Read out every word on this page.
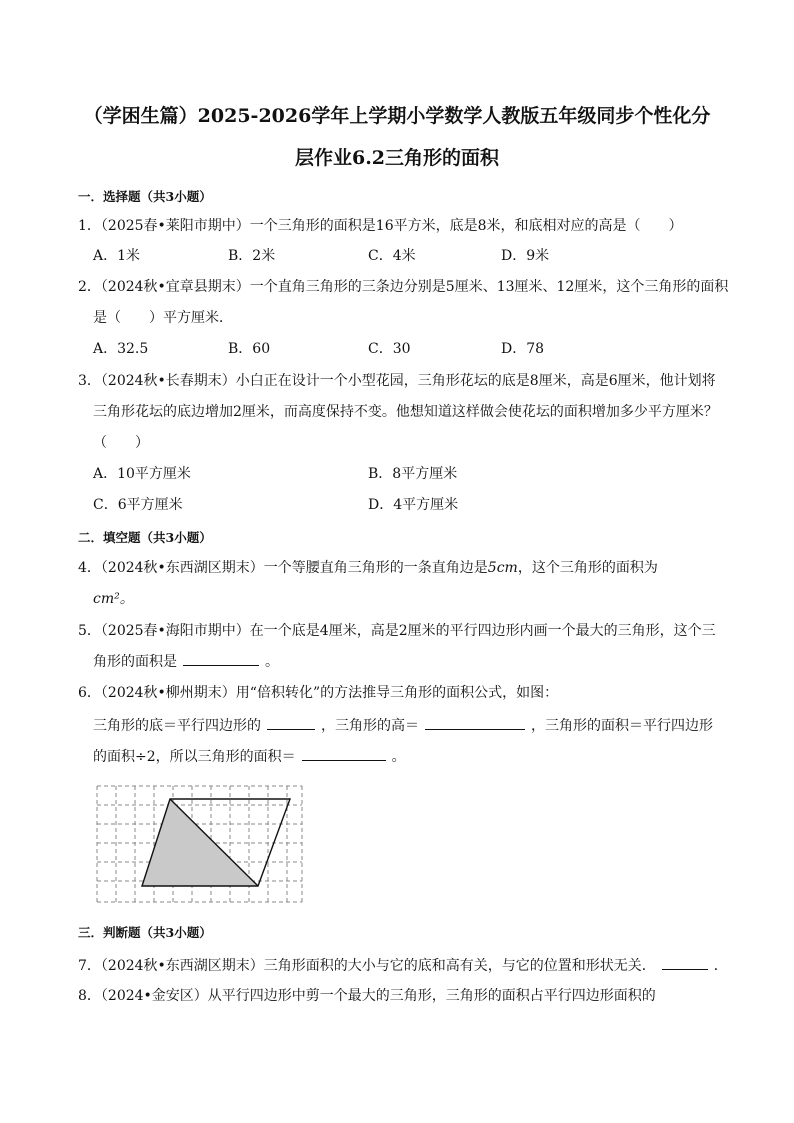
（学困生篇）2025-2026学年上学期小学数学人教版五年级同步个性化分
层作业6.2三角形的面积
一．选择题（共3小题）
1．（2025春•莱阳市期中）一个三角形的面积是16平方米，底是8米，和底相对应的高是（　　）
A．1米	B．2米	C．4米	D．9米
2．（2024秋•宜章县期末）一个直角三角形的三条边分别是5厘米、13厘米、12厘米，这个三角形的面积
是（　　）平方厘米．
A．32.5	B．60	C．30	D．78
3．（2024秋•长春期末）小白正在设计一个小型花园，三角形花坛的底是8厘米，高是6厘米，他计划将
三角形花坛的底边增加2厘米，而高度保持不变。他想知道这样做会使花坛的面积增加多少平方厘米？
（　　）
A．10平方厘米	B．8平方厘米
C．6平方厘米	D．4平方厘米
二．填空题（共3小题）
4．（2024秋•东西湖区期末）一个等腰直角三角形的一条直角边是5cm，这个三角形的面积为
cm²。
5．（2025春•海阳市期中）在一个底是4厘米，高是2厘米的平行四边形内画一个最大的三角形，这个三
角形的面积是	。
6．（2024秋•柳州期末）用“倍积转化”的方法推导三角形的面积公式，如图：
三角形的底＝平行四边形的	，三角形的高＝	，三角形的面积＝平行四边形
的面积÷2，所以三角形的面积＝	。
三．判断题（共3小题）
7．（2024秋•东西湖区期末）三角形面积的大小与它的底和高有关，与它的位置和形状无关．	．
8．（2024•金安区）从平行四边形中剪一个最大的三角形，三角形的面积占平行四边形面积的
